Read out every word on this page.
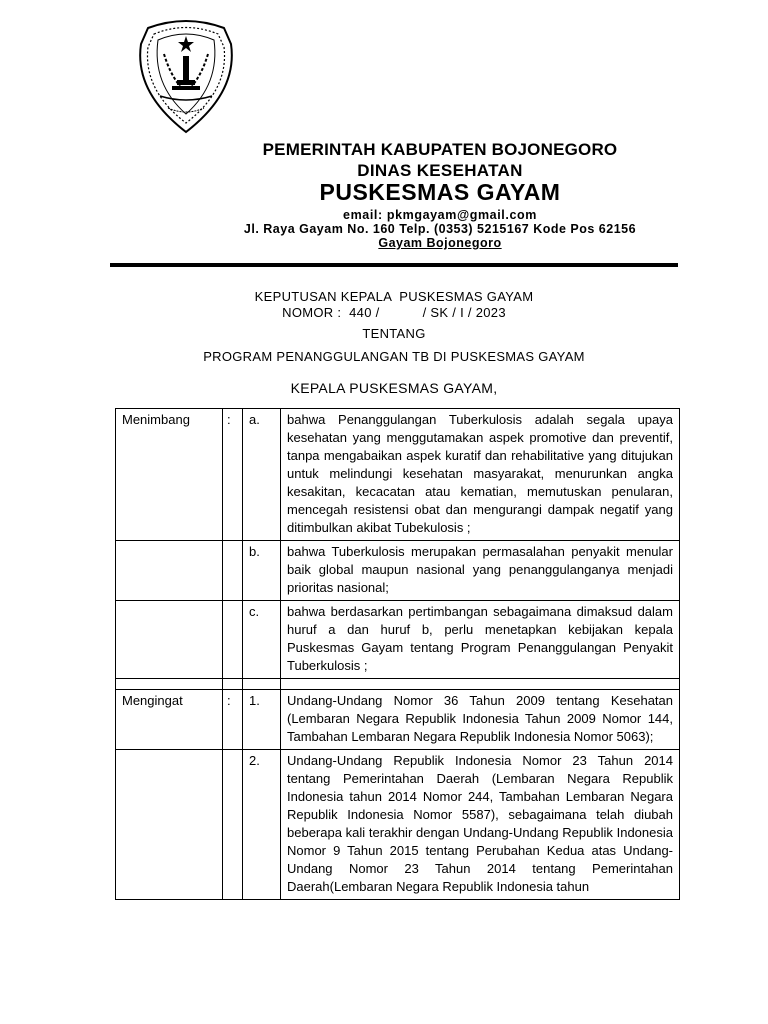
PEMERINTAH KABUPATEN BOJONEGORO
DINAS KESEHATAN
PUSKESMAS GAYAM
email: pkmgayam@gmail.com
Jl. Raya Gayam No. 160 Telp. (0353) 5215167 Kode Pos 62156
Gayam Bojonegoro
KEPUTUSAN KEPALA  PUSKESMAS GAYAM
NOMOR :  440 /           / SK / I / 2023
TENTANG
PROGRAM PENANGGULANGAN TB DI PUSKESMAS GAYAM
KEPALA PUSKESMAS GAYAM,
Menimbang	:	a.	bahwa Penanggulangan Tuberkulosis adalah segala upaya kesehatan yang menggutamakan aspek promotive dan preventif, tanpa mengabaikan aspek kuratif dan rehabilitative yang ditujukan untuk melindungi kesehatan masyarakat, menurunkan angka kesakitan, kecacatan atau kematian, memutuskan penularan, mencegah resistensi obat dan mengurangi dampak negatif yang ditimbulkan akibat Tubekulosis ;
		b.	bahwa Tuberkulosis merupakan permasalahan penyakit menular baik global maupun nasional yang penanggulanganya menjadi prioritas nasional;
		c.	bahwa berdasarkan pertimbangan sebagaimana dimaksud dalam huruf a dan huruf b, perlu menetapkan kebijakan kepala Puskesmas Gayam tentang Program Penanggulangan Penyakit Tuberkulosis ;

Mengingat	:	1.	Undang-Undang Nomor 36 Tahun 2009 tentang Kesehatan (Lembaran Negara Republik Indonesia Tahun 2009 Nomor 144, Tambahan Lembaran Negara Republik Indonesia Nomor 5063);
		2.	Undang-Undang Republik Indonesia Nomor 23 Tahun 2014 tentang Pemerintahan Daerah (Lembaran Negara Republik Indonesia tahun 2014 Nomor 244, Tambahan Lembaran Negara Republik Indonesia Nomor 5587), sebagaimana telah diubah beberapa kali terakhir dengan Undang-Undang Republik Indonesia Nomor 9 Tahun 2015 tentang Perubahan Kedua atas Undang-Undang Nomor 23 Tahun 2014 tentang Pemerintahan Daerah(Lembaran Negara Republik Indonesia tahun
